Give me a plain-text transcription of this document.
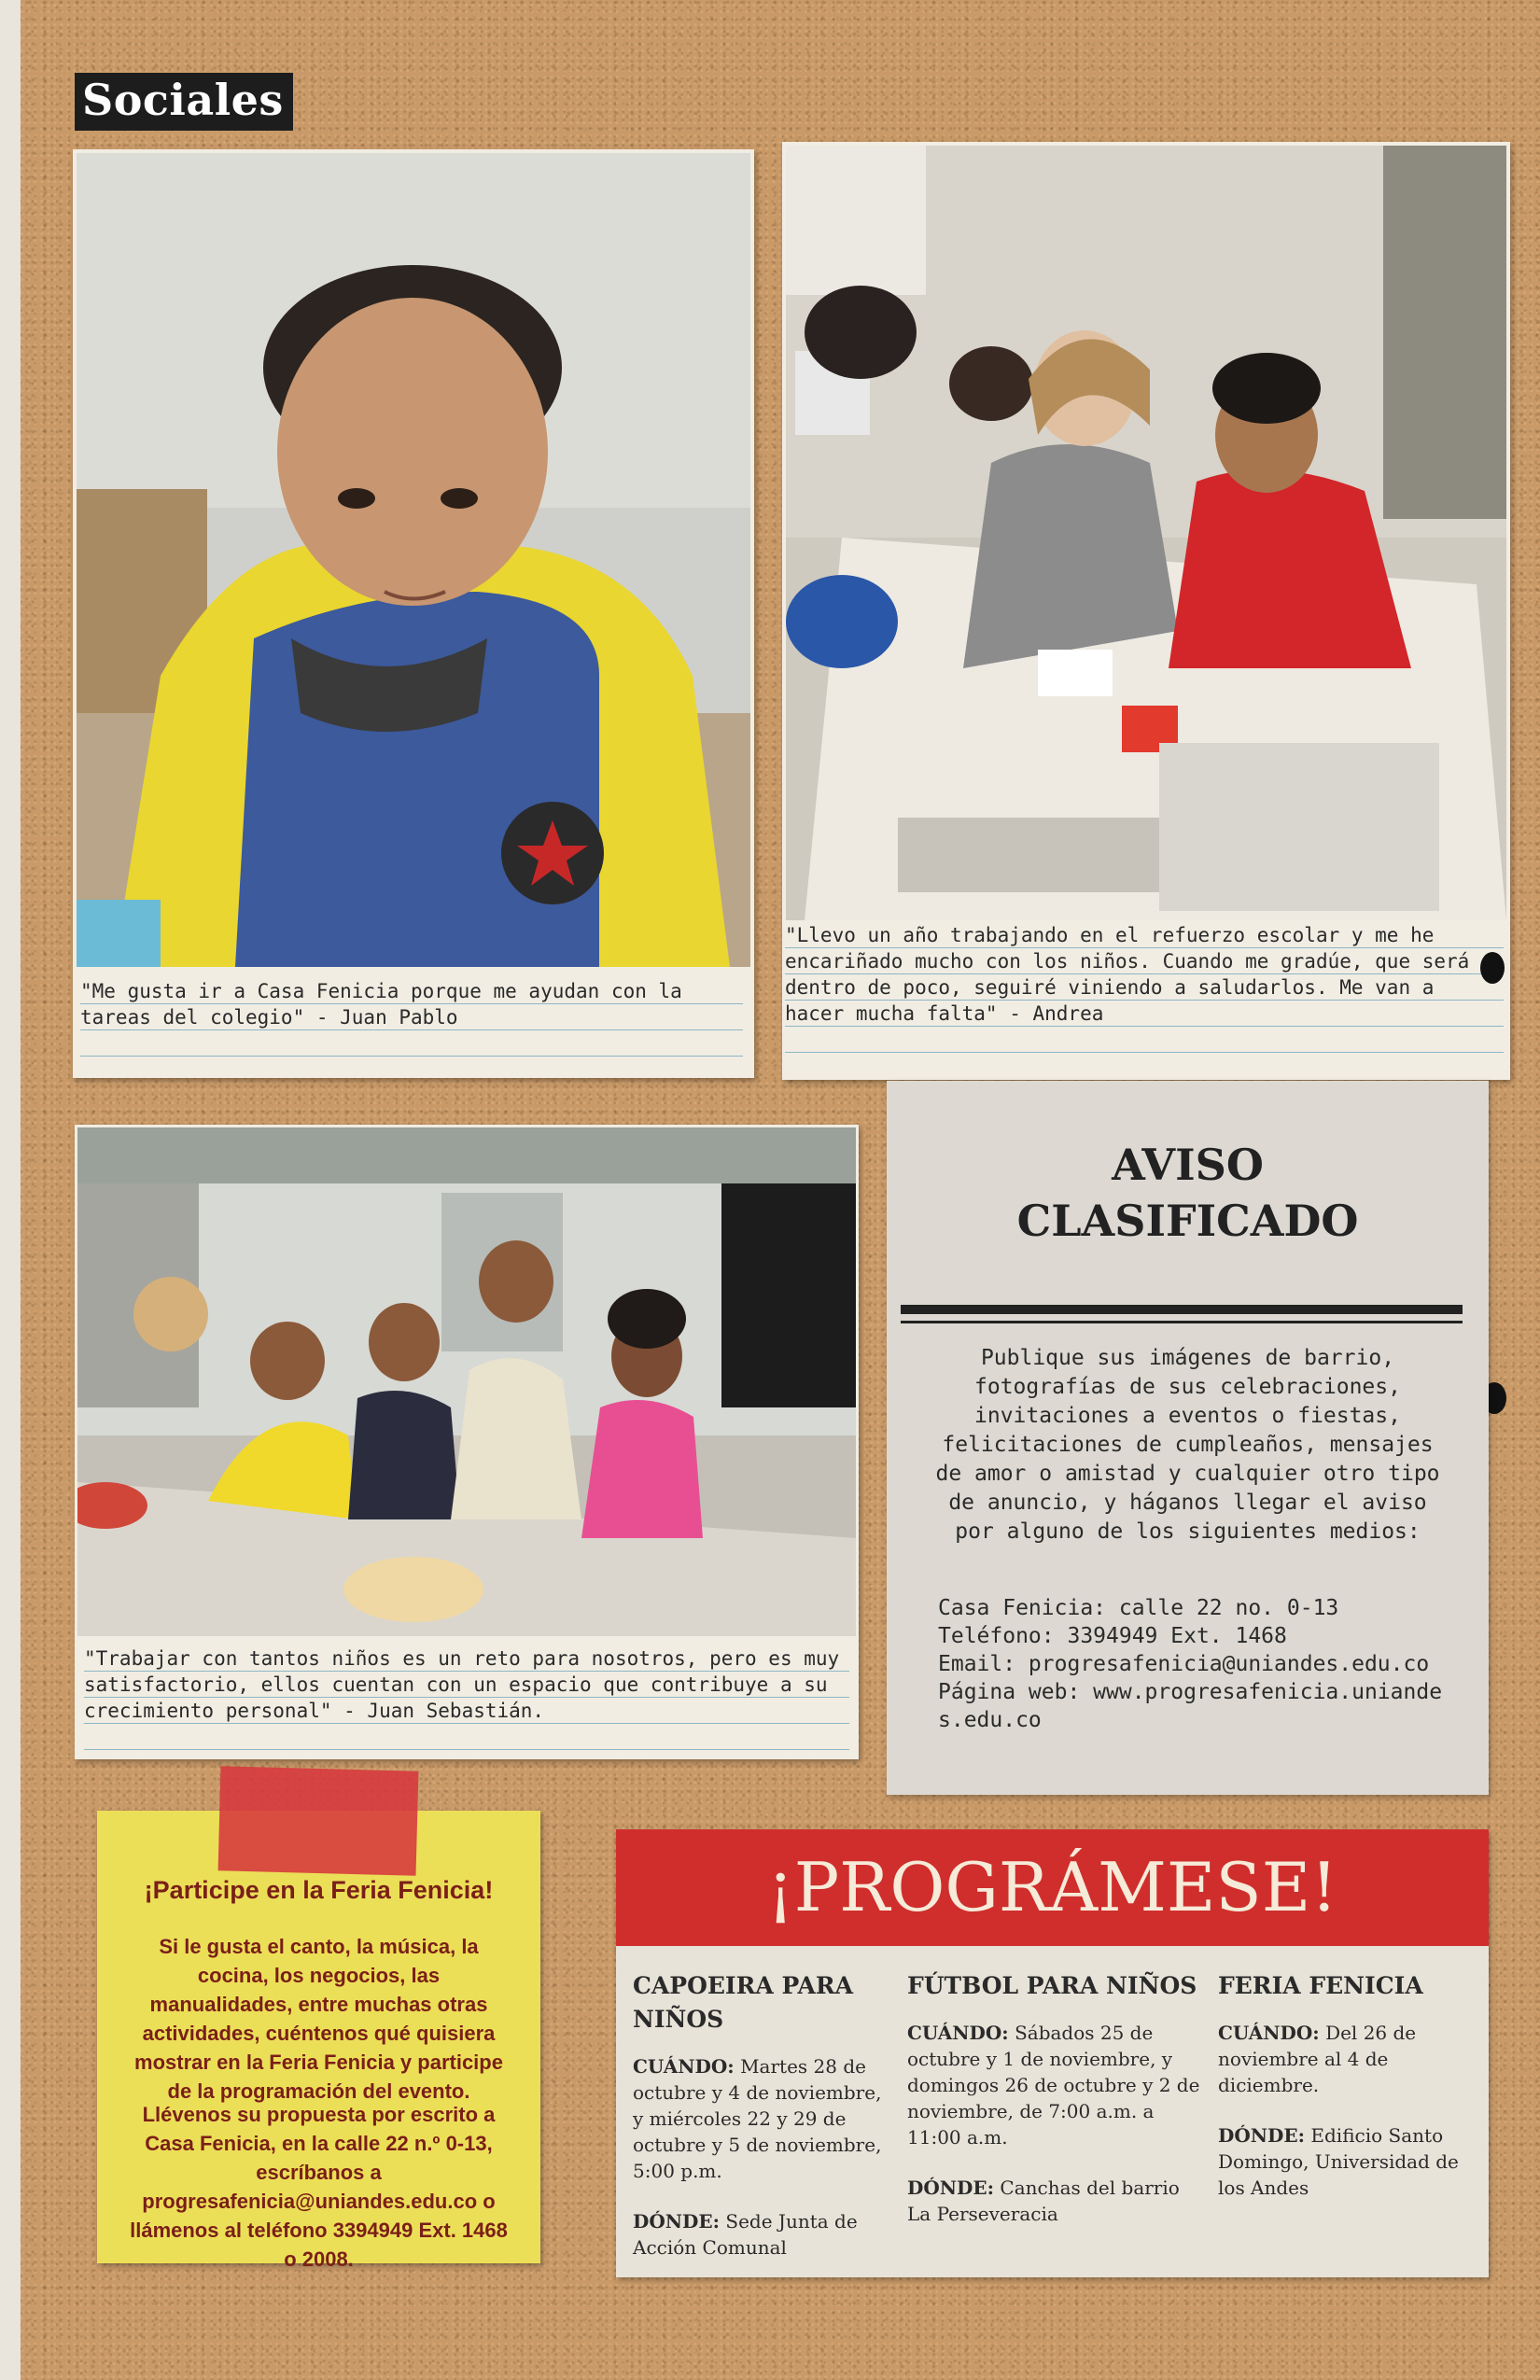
Sociales
"Me gusta ir a Casa Fenicia porque me ayudan con la tareas del colegio" - Juan Pablo
"Llevo un año trabajando en el refuerzo escolar y me he encariñado mucho con los niños. Cuando me gradúe, que será dentro de poco, seguiré viniendo a saludarlos. Me van a hacer mucha falta" - Andrea
"Trabajar con tantos niños es un reto para nosotros, pero es muy satisfactorio, ellos cuentan con un espacio que contribuye a su crecimiento personal" - Juan Sebastián.
AVISO
CLASIFICADO
Publique sus imágenes de barrio, fotografías de sus celebraciones, invitaciones a eventos o fiestas, felicitaciones de cumpleaños, mensajes de amor o amistad y cualquier otro tipo de anuncio, y háganos llegar el aviso por alguno de los siguientes medios:
Casa Fenicia: calle 22 no. 0-13
Teléfono: 3394949 Ext. 1468
Email: progresafenicia@uniandes.edu.co
Página web: www.progresafenicia.uniandes.edu.co
¡Participe en la Feria Fenicia!
Si le gusta el canto, la música, la cocina, los negocios, las manualidades, entre muchas otras actividades, cuéntenos qué quisiera mostrar en la Feria Fenicia y participe de la programación del evento.
Llévenos su propuesta por escrito a Casa Fenicia, en la calle 22 n.º 0-13, escríbanos a progresafenicia@uniandes.edu.co o llámenos al teléfono 3394949 Ext. 1468 o 2008.
¡PROGRÁMESE!
CAPOEIRA PARA NIÑOS

CUÁNDO: Martes 28 de octubre y 4 de noviembre, y miércoles 22 y 29 de octubre y 5 de noviembre, 5:00 p.m.

DÓNDE: Sede Junta de Acción Comunal

FÚTBOL PARA NIÑOS

CUÁNDO: Sábados 25 de octubre y 1 de noviembre, y domingos 26 de octubre y 2 de noviembre, de 7:00 a.m. a 11:00 a.m.

DÓNDE: Canchas del barrio La Perseveracia

FERIA FENICIA

CUÁNDO: Del 26 de noviembre al 4 de diciembre.

DÓNDE: Edificio Santo Domingo, Universidad de los Andes
